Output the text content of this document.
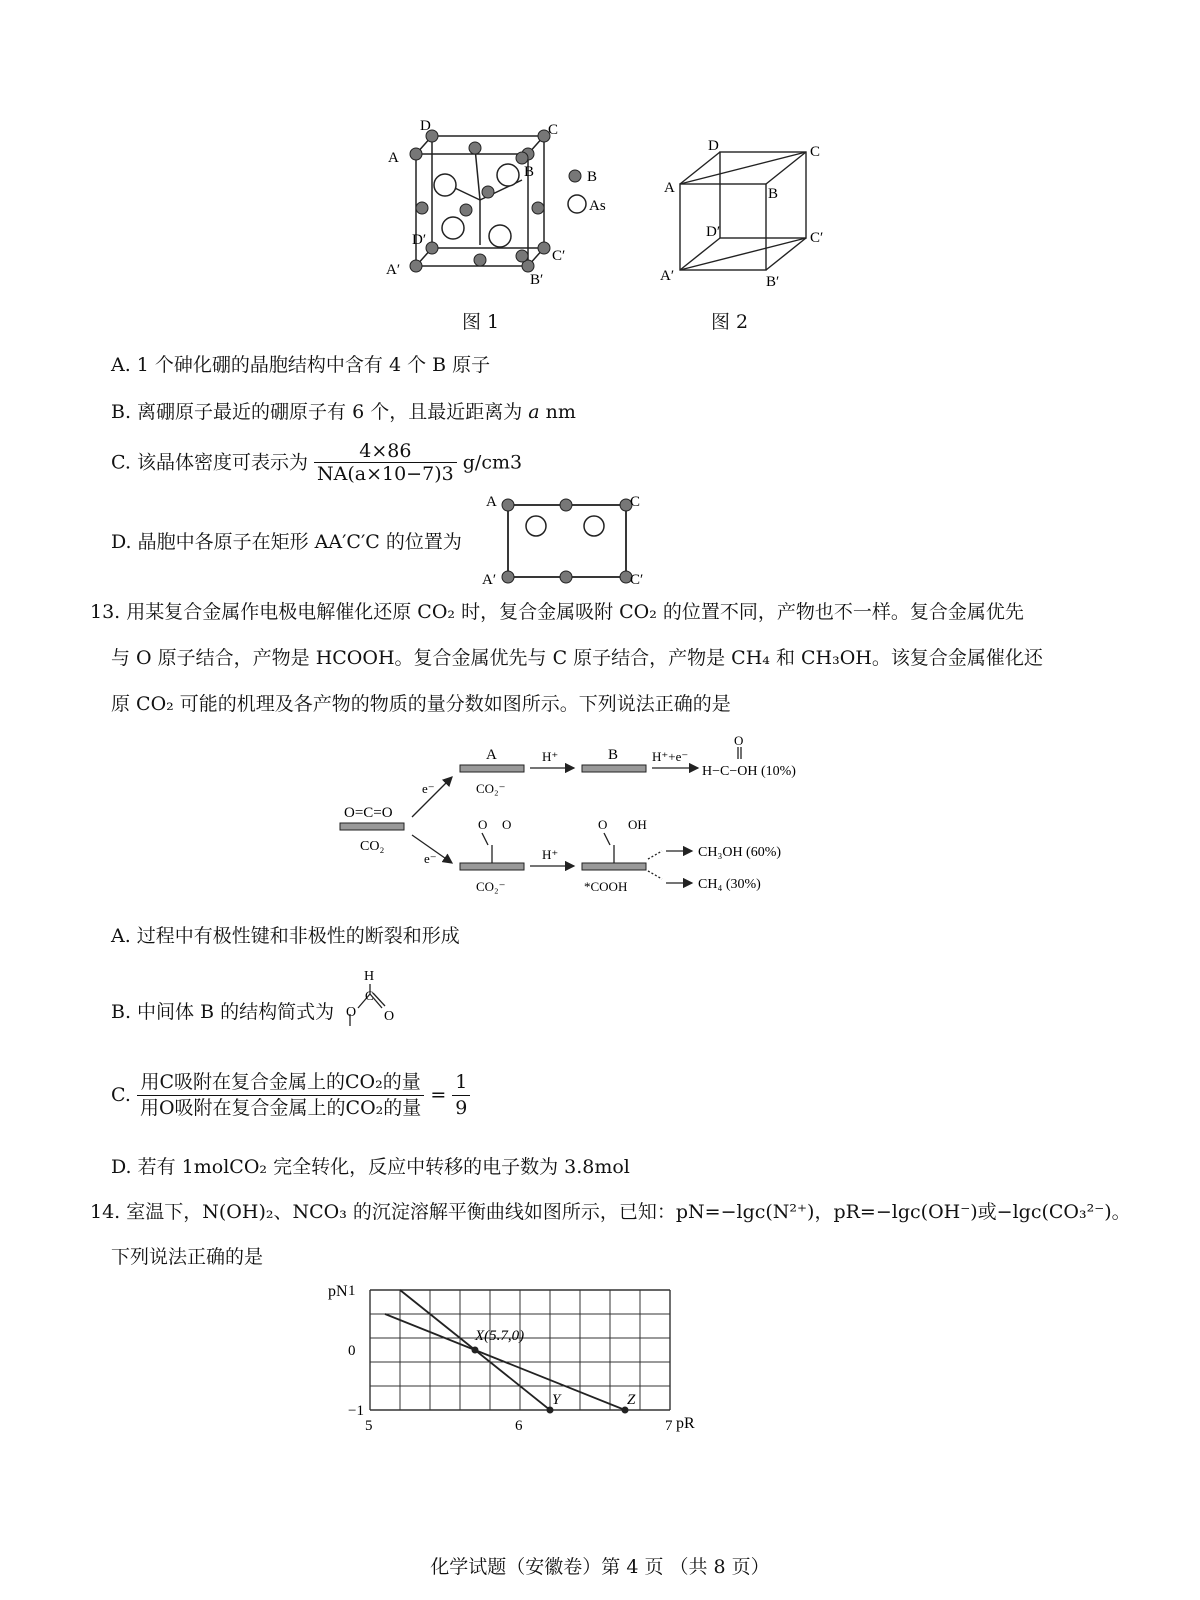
A
D	C
B
D′
A′
B′
C′
B
As
图 1
D	C
A	B
D′	C′
A′	B′
图 2
A. 1 个砷化硼的晶胞结构中含有 4 个 B 原子
B. 离硼原子最近的硼原子有 6 个，且最近距离为 a nm
C. 该晶体密度可表示为 $\frac{4\times 86}{NA(a\times 10-7)3} g/cm3$
D. 晶胞中各原子在矩形 AA′C′C 的位置为
A	C
A′	C′
13. 用某复合金属作电极电解催化还原 CO₂ 时，复合金属吸附 CO₂ 的位置不同，产物也不一样。复合金属优先
与 O 原子结合，产物是 HCOOH。复合金属优先与 C 原子结合，产物是 CH₄ 和 CH₃OH。该复合金属催化还
原 CO₂ 可能的机理及各产物的物质的量分数如图所示。下列说法正确的是
O=C=O
CO₂
e⁻
e⁻
A
CO₂⁻
H⁺	B	H⁺+e⁻
O
H−C−OH (10%)
O O
CO₂⁻
H⁺
O OH
*COOH
CH₃OH (60%)
CH₄ (30%)
A. 过程中有极性键和非极性的断裂和形成
B. 中间体 B 的结构简式为
H
C
O O
C. $\frac{\text{用C吸附在复合金属上的CO₂的量}}{\text{用O吸附在复合金属上的CO₂的量}} = \frac{1}{9}$
D. 若有 1molCO₂ 完全转化，反应中转移的电子数为 3.8mol
14. 室温下，N(OH)₂、NCO₃ 的沉淀溶解平衡曲线如图所示，已知：pN=−lgc(N²⁺)，pR=−lgc(OH⁻)或−lgc(CO₃²⁻)。
下列说法正确的是
X(5.7,0)
Y	Z
5	6	7
1
0
−1
pN
pR
化学试题（安徽卷）第 4 页 （共 8 页）
